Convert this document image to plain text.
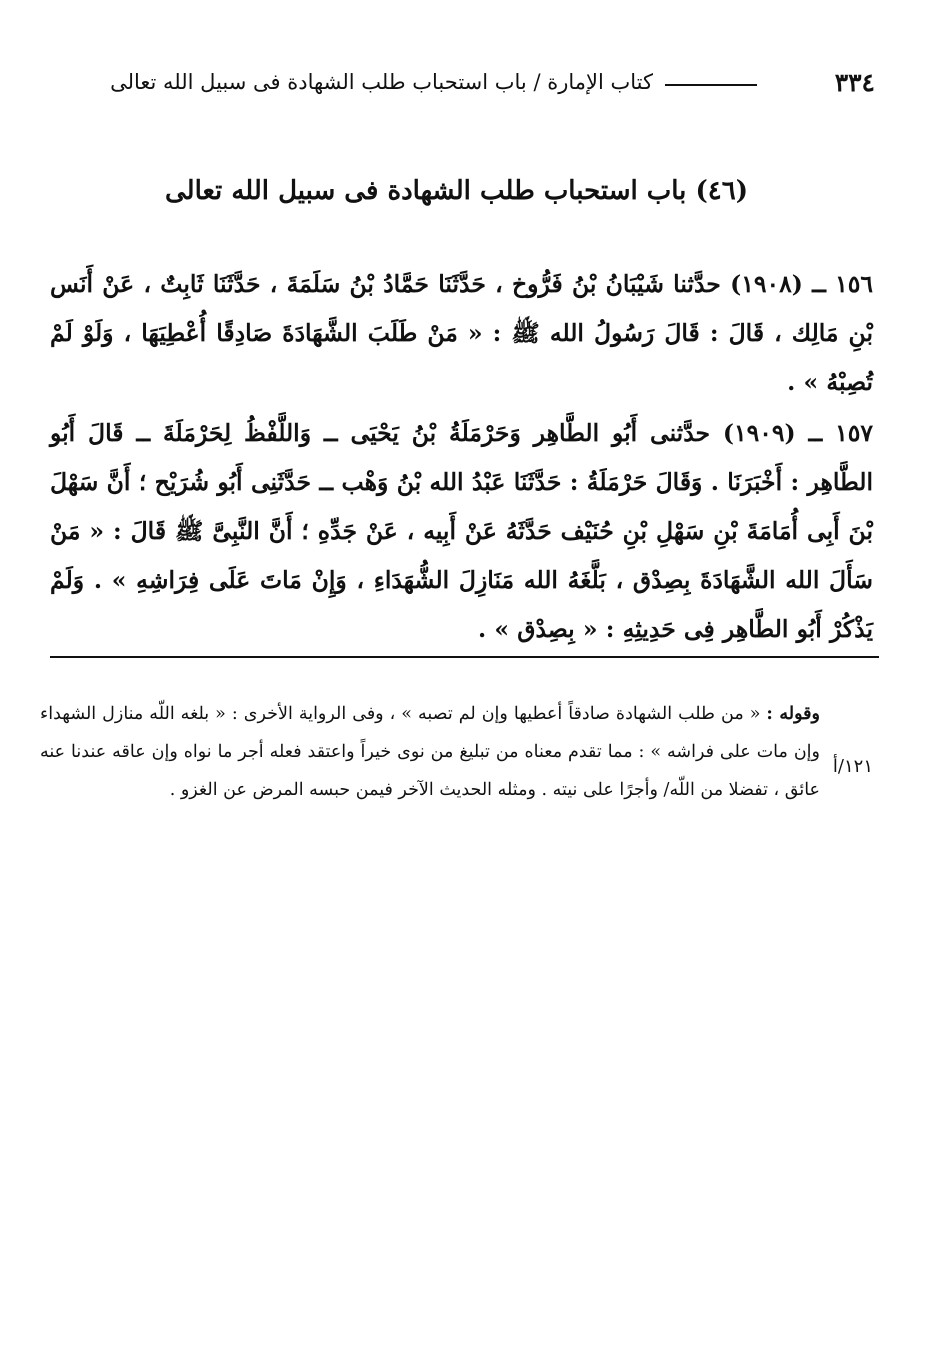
٣٣٤
كتاب الإمارة / باب استحباب طلب الشهادة فى سبيل الله تعالى
(٤٦) باب استحباب طلب الشهادة فى سبيل الله تعالى

١٥٦ ــ (١٩٠٨) حدَّثنا شَيْبَانُ بْنُ فَرُّوخ ، حَدَّثَنَا حَمَّادُ بْنُ سَلَمَةَ ، حَدَّثَنَا ثَابِتٌ ، عَنْ أَنَس بْنِ مَالِك ، قَالَ : قَالَ رَسُولُ الله ﷺ : « مَنْ طَلَبَ الشَّهَادَةَ صَادِقًا أُعْطِيَهَا ، وَلَوْ لَمْ تُصِبْهُ » .

١٥٧ ــ (١٩٠٩) حدَّثنى أَبُو الطَّاهِر وَحَرْمَلَةُ بْنُ يَحْيَى ــ وَاللَّفْظُ لِحَرْمَلَةَ ــ قَالَ أَبُو الطَّاهِر : أَخْبَرَنَا . وَقَالَ حَرْمَلَةُ : حَدَّثَنَا عَبْدُ الله بْنُ وَهْب ــ حَدَّثَنِى أَبُو شُرَيْح ؛ أَنَّ سَهْلَ بْنَ أَبِى أُمَامَةَ بْنِ سَهْلِ بْنِ حُنَيْف حَدَّثَهُ عَنْ أَبِيه ، عَنْ جَدِّهِ ؛ أَنَّ النَّبِىَّ ﷺ قَالَ : « مَنْ سَأَلَ الله الشَّهَادَةَ بِصِدْق ، بَلَّغَهُ الله مَنَازِلَ الشُّهَدَاءِ ، وَإِنْ مَاتَ عَلَى فِرَاشِهِ » . وَلَمْ يَذْكُرْ أَبُو الطَّاهِر فِى حَدِيثِهِ : « بِصِدْق » .

وقوله : « من طلب الشهادة صادقاً أعطيها وإن لم تصبه » ، وفى الرواية الأخرى : « بلغه اللّه منازل الشهداء وإن مات على فراشه » : مما تقدم معناه من تبليغ من نوى خيراً واعتقد فعله أجر ما نواه وإن عاقه عندنا عنه عائق ، تفضلا من اللّه/ وأجرًا على نيته . ومثله الحديث الآخر فيمن حبسه المرض عن الغزو .

١٢١/أ
